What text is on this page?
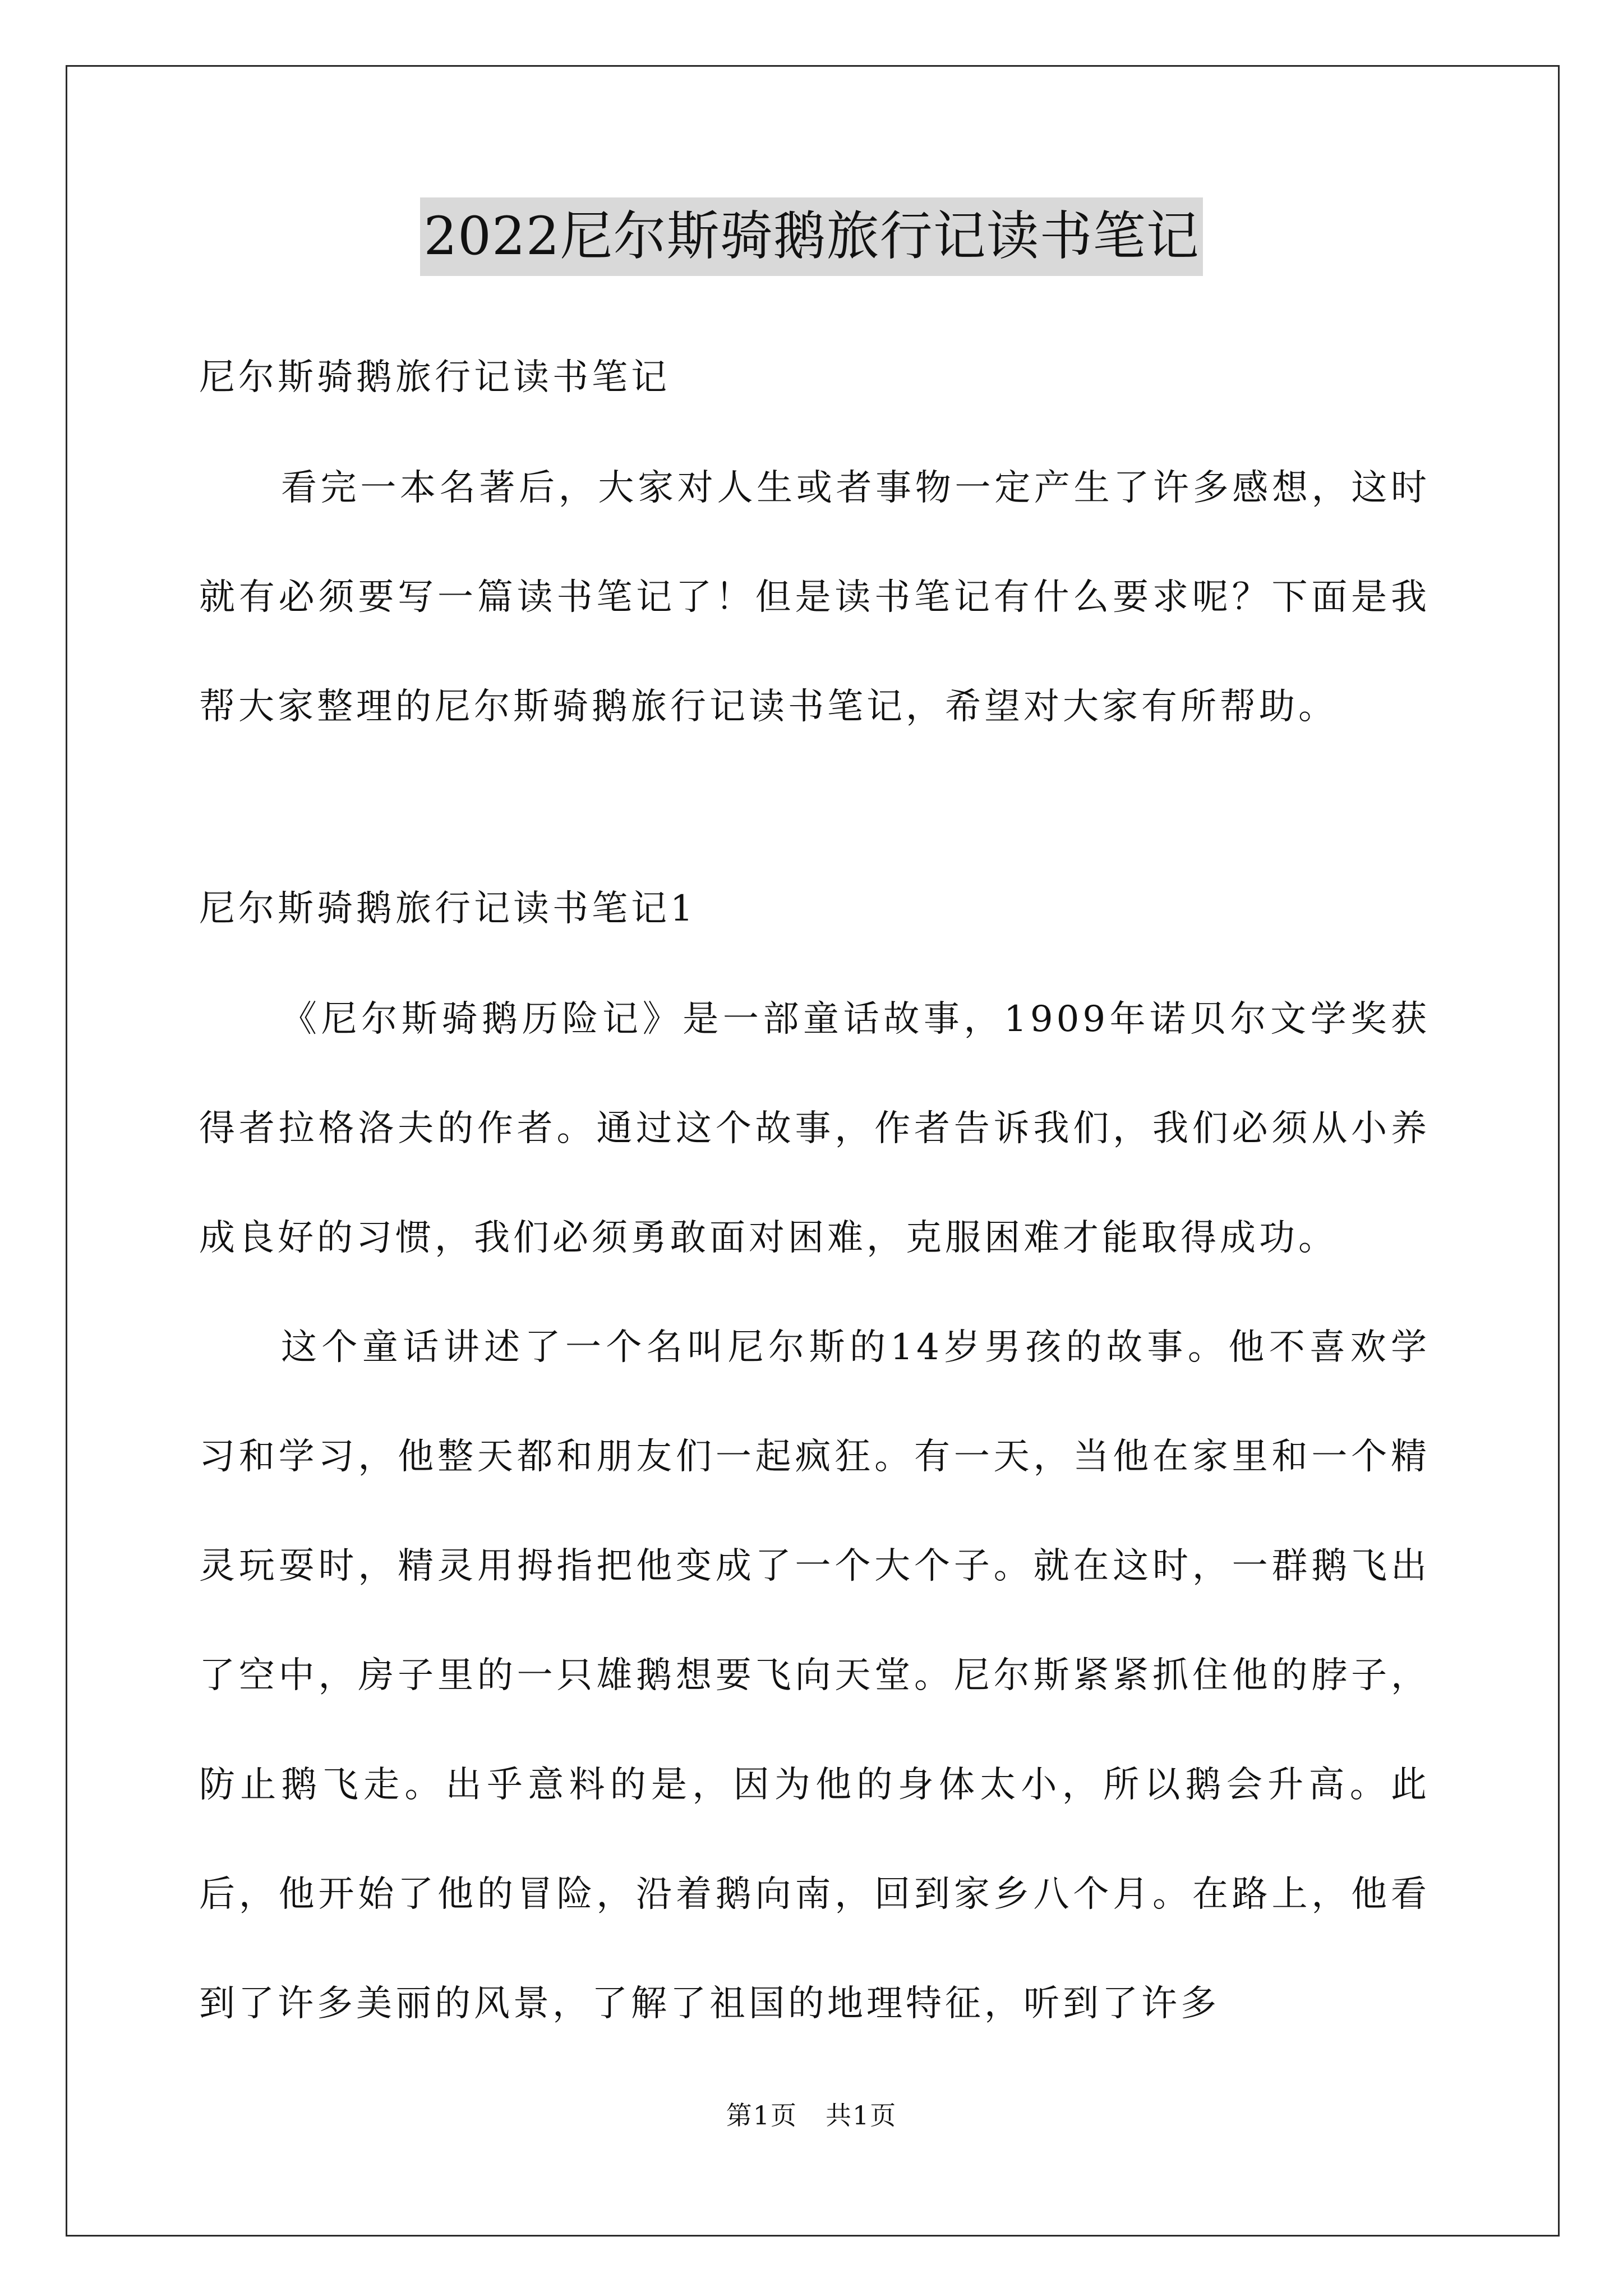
2022尼尔斯骑鹅旅行记读书笔记
尼尔斯骑鹅旅行记读书笔记
看完一本名著后，大家对人生或者事物一定产生了许多感想，这时就有必须要写一篇读书笔记了！但是读书笔记有什么要求呢？下面是我帮大家整理的尼尔斯骑鹅旅行记读书笔记，希望对大家有所帮助。
尼尔斯骑鹅旅行记读书笔记1
《尼尔斯骑鹅历险记》是一部童话故事，1909年诺贝尔文学奖获得者拉格洛夫的作者。通过这个故事，作者告诉我们，我们必须从小养成良好的习惯，我们必须勇敢面对困难，克服困难才能取得成功。
这个童话讲述了一个名叫尼尔斯的14岁男孩的故事。他不喜欢学习和学习，他整天都和朋友们一起疯狂。有一天，当他在家里和一个精灵玩耍时，精灵用拇指把他变成了一个大个子。就在这时，一群鹅飞出了空中，房子里的一只雄鹅想要飞向天堂。尼尔斯紧紧抓住他的脖子，防止鹅飞走。出乎意料的是，因为他的身体太小，所以鹅会升高。此后，他开始了他的冒险，沿着鹅向南，回到家乡八个月。在路上，他看到了许多美丽的风景，了解了祖国的地理特征，听到了许多
第1页 共1页
